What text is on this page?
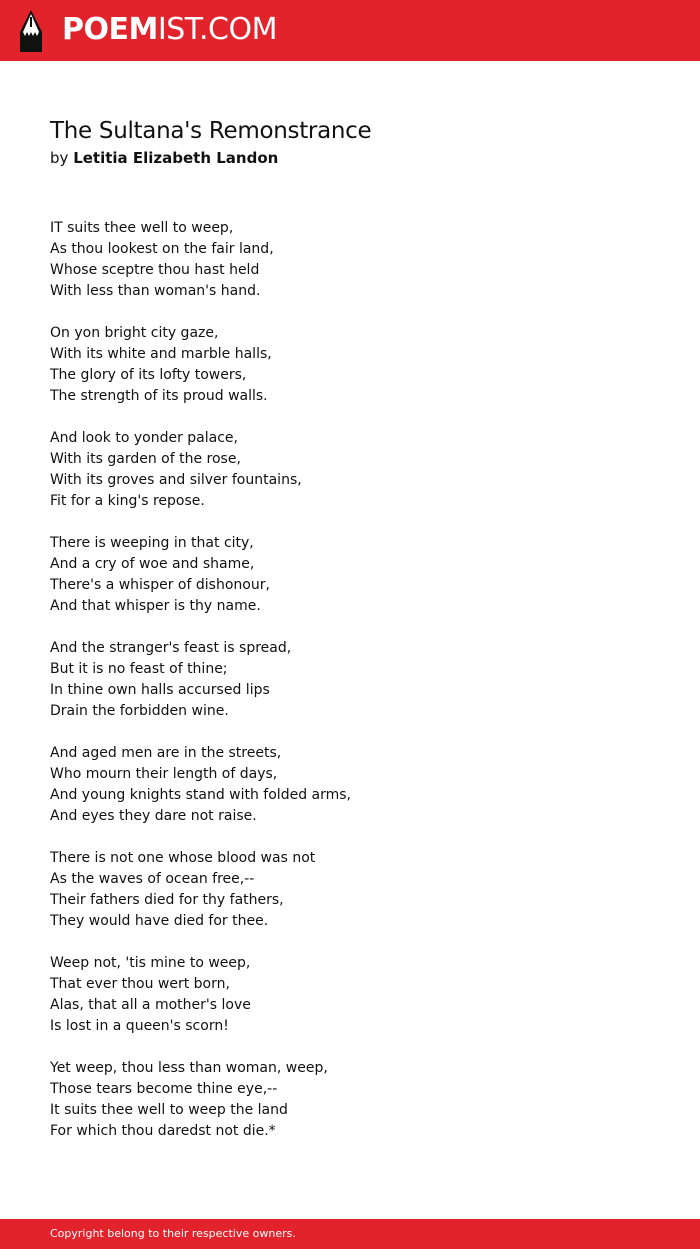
POEMIST.COM
The Sultana's Remonstrance
by Letitia Elizabeth Landon
IT suits thee well to weep,
As thou lookest on the fair land,
Whose sceptre thou hast held
With less than woman's hand.
On yon bright city gaze,
With its white and marble halls,
The glory of its lofty towers,
The strength of its proud walls.
And look to yonder palace,
With its garden of the rose,
With its groves and silver fountains,
Fit for a king's repose.
There is weeping in that city,
And a cry of woe and shame,
There's a whisper of dishonour,
And that whisper is thy name.
And the stranger's feast is spread,
But it is no feast of thine;
In thine own halls accursed lips
Drain the forbidden wine.
And aged men are in the streets,
Who mourn their length of days,
And young knights stand with folded arms,
And eyes they dare not raise.
There is not one whose blood was not
As the waves of ocean free,--
Their fathers died for thy fathers,
They would have died for thee.
Weep not, 'tis mine to weep,
That ever thou wert born,
Alas, that all a mother's love
Is lost in a queen's scorn!
Yet weep, thou less than woman, weep,
Those tears become thine eye,--
It suits thee well to weep the land
For which thou daredst not die.*
Copyright belong to their respective owners.
